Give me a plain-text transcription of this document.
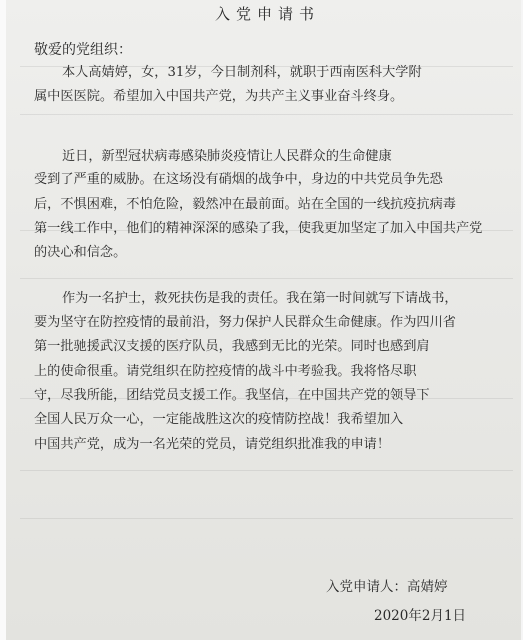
入党申请书
敬爱的党组织：
本人高婧婷，女，31岁，今日制剂科，就职于西南医科大学附
属中医医院。希望加入中国共产党，为共产主义事业奋斗终身。
近日，新型冠状病毒感染肺炎疫情让人民群众的生命健康
受到了严重的威胁。在这场没有硝烟的战争中，身边的中共党员争先恐
后，不惧困难，不怕危险，毅然冲在最前面。站在全国的一线抗疫抗病毒
第一线工作中，他们的精神深深的感染了我，使我更加坚定了加入中国共产党
的决心和信念。
作为一名护士，救死扶伤是我的责任。我在第一时间就写下请战书，
要为坚守在防控疫情的最前沿，努力保护人民群众生命健康。作为四川省
第一批驰援武汉支援的医疗队员，我感到无比的光荣。同时也感到肩
上的使命很重。请党组织在防控疫情的战斗中考验我。我将恪尽职
守，尽我所能，团结党员支援工作。我坚信，在中国共产党的领导下
全国人民万众一心，一定能战胜这次的疫情防控战！我希望加入
中国共产党，成为一名光荣的党员，请党组织批准我的申请！
入党申请人：高婧婷
2020年2月1日
